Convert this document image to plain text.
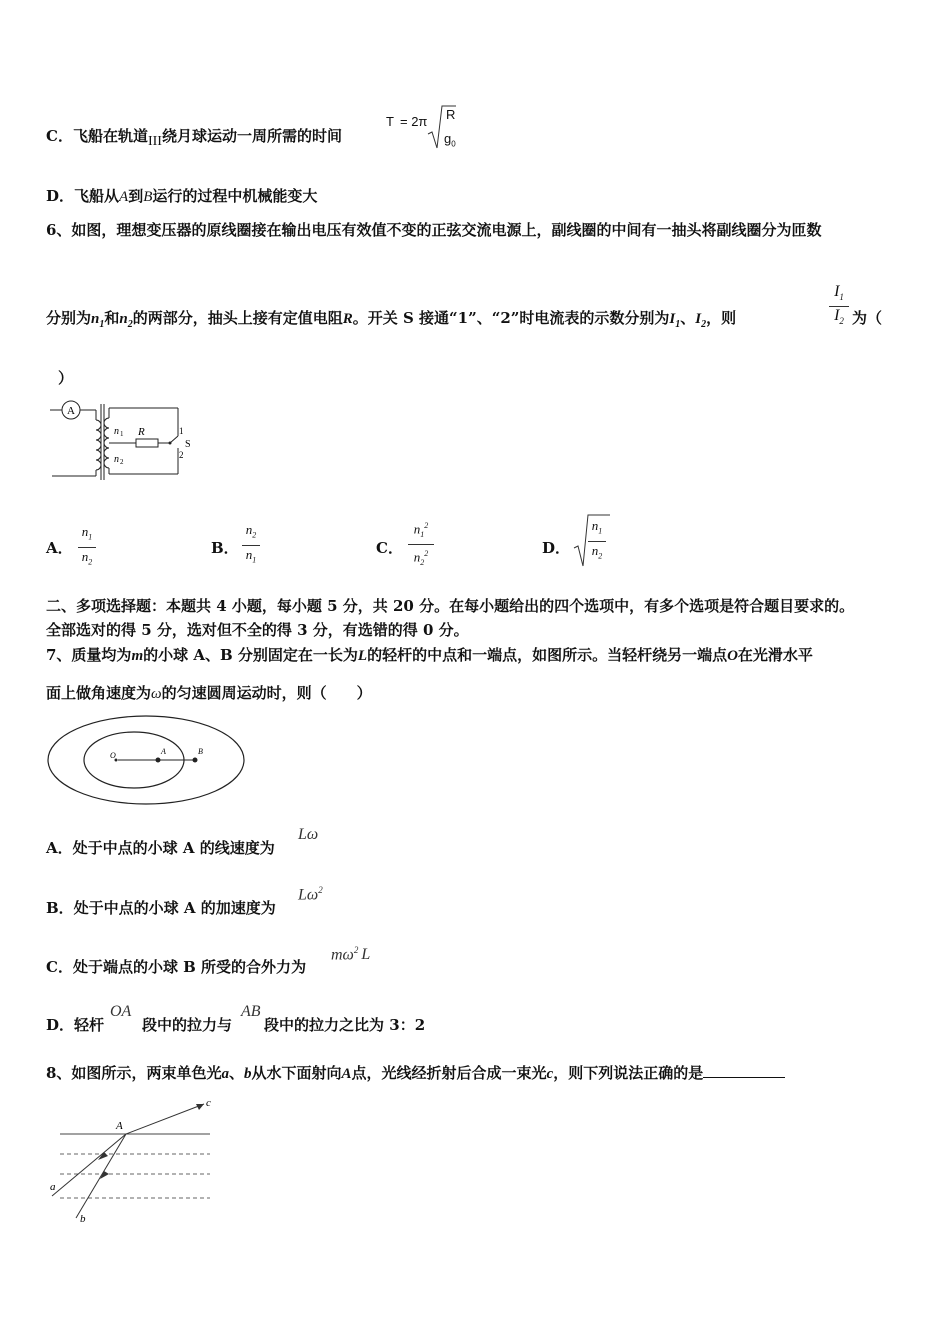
C．飞船在轨道III绕月球运动一周所需的时间
T = 2π R
$g_0$
D．飞船从A到B运行的过程中机械能变大
6、如图，理想变压器的原线圈接在输出电压有效值不变的正弦交流电源上，副线圈的中间有一抽头将副线圈分为匝数
分别为$n_1$和$n_2$的两部分，抽头上接有定值电阻R。开关 S 接通“1”、“2”时电流表的示数分别为$I_1$、$I_2$，则
$I_1$
$I_2$ 为（
）
A
R
n 1
n 2
1
2
S
A．
$n_1$
$n_2$
B．
$n_2$
$n_1$
C．
$n_1^2$
$n_2^2$	D．
$n_1$
$n_2$
二、多项选择题：本题共 4 小题，每小题 5 分，共 20 分。在每小题给出的四个选项中，有多个选项是符合题目要求的。
全部选对的得 5 分，选对但不全的得 3 分，有选错的得 0 分。
7、质量均为m的小球 A、B 分别固定在一长为L的轻杆的中点和一端点，如图所示。当轻杆绕另一端点O在光滑水平
面上做角速度为ω的匀速圆周运动时，则（　　）
O	A	B
A．处于中点的小球 A 的线速度为
Lω
B．处于中点的小球 A 的加速度为
$L\omega^2$
C．处于端点的小球 B 所受的合外力为
$m\omega^2$ L
D．轻杆	段中的拉力与 段中的拉力之比为 3：2
OA	AB
8、如图所示，两束单色光a、b从水下面射向A点，光线经折射后合成一束光c，则下列说法正确的是
A
a
b
c
